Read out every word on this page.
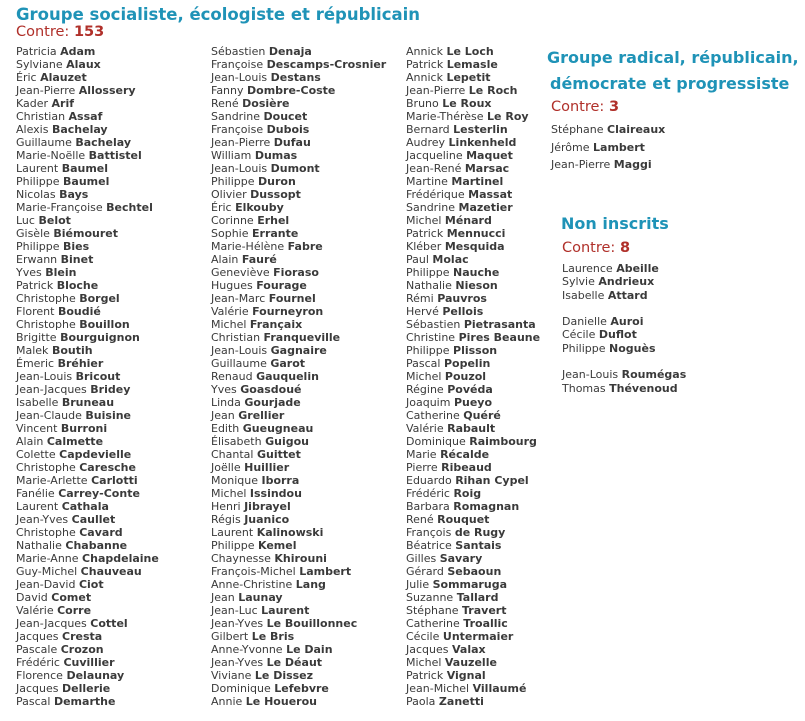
Groupe socialiste, écologiste et républicain
Contre: 153
Patricia Adam
Sylviane Alaux
Éric Alauzet
Jean-Pierre Allossery
Kader Arif
Christian Assaf
Alexis Bachelay
Guillaume Bachelay
Marie-Noëlle Battistel
Laurent Baumel
Philippe Baumel
Nicolas Bays
Marie-Françoise Bechtel
Luc Belot
Gisèle Biémouret
Philippe Bies
Erwann Binet
Yves Blein
Patrick Bloche
Christophe Borgel
Florent Boudié
Christophe Bouillon
Brigitte Bourguignon
Malek Boutih
Émeric Bréhier
Jean-Louis Bricout
Jean-Jacques Bridey
Isabelle Bruneau
Jean-Claude Buisine
Vincent Burroni
Alain Calmette
Colette Capdevielle
Christophe Caresche
Marie-Arlette Carlotti
Fanélie Carrey-Conte
Laurent Cathala
Jean-Yves Caullet
Christophe Cavard
Nathalie Chabanne
Marie-Anne Chapdelaine
Guy-Michel Chauveau
Jean-David Ciot
David Comet
Valérie Corre
Jean-Jacques Cottel
Jacques Cresta
Pascale Crozon
Frédéric Cuvillier
Florence Delaunay
Jacques Dellerie
Pascal Demarthe
Sébastien Denaja
Françoise Descamps-Crosnier
Jean-Louis Destans
Fanny Dombre-Coste
René Dosière
Sandrine Doucet
Françoise Dubois
Jean-Pierre Dufau
William Dumas
Jean-Louis Dumont
Philippe Duron
Olivier Dussopt
Éric Elkouby
Corinne Erhel
Sophie Errante
Marie-Hélène Fabre
Alain Fauré
Geneviève Fioraso
Hugues Fourage
Jean-Marc Fournel
Valérie Fourneyron
Michel Françaix
Christian Franqueville
Jean-Louis Gagnaire
Guillaume Garot
Renaud Gauquelin
Yves Goasdoué
Linda Gourjade
Jean Grellier
Edith Gueugneau
Élisabeth Guigou
Chantal Guittet
Joëlle Huillier
Monique Iborra
Michel Issindou
Henri Jibrayel
Régis Juanico
Laurent Kalinowski
Philippe Kemel
Chaynesse Khirouni
François-Michel Lambert
Anne-Christine Lang
Jean Launay
Jean-Luc Laurent
Jean-Yves Le Bouillonnec
Gilbert Le Bris
Anne-Yvonne Le Dain
Jean-Yves Le Déaut
Viviane Le Dissez
Dominique Lefebvre
Annie Le Houerou
Annick Le Loch
Patrick Lemasle
Annick Lepetit
Jean-Pierre Le Roch
Bruno Le Roux
Marie-Thérèse Le Roy
Bernard Lesterlin
Audrey Linkenheld
Jacqueline Maquet
Jean-René Marsac
Martine Martinel
Frédérique Massat
Sandrine Mazetier
Michel Ménard
Patrick Mennucci
Kléber Mesquida
Paul Molac
Philippe Nauche
Nathalie Nieson
Rémi Pauvros
Hervé Pellois
Sébastien Pietrasanta
Christine Pires Beaune
Philippe Plisson
Pascal Popelin
Michel Pouzol
Régine Povéda
Joaquim Pueyo
Catherine Quéré
Valérie Rabault
Dominique Raimbourg
Marie Récalde
Pierre Ribeaud
Eduardo Rihan Cypel
Frédéric Roig
Barbara Romagnan
René Rouquet
François de Rugy
Béatrice Santais
Gilles Savary
Gérard Sebaoun
Julie Sommaruga
Suzanne Tallard
Stéphane Travert
Catherine Troallic
Cécile Untermaier
Jacques Valax
Michel Vauzelle
Patrick Vignal
Jean-Michel Villaumé
Paola Zanetti
Groupe radical, républicain,
démocrate et progressiste
Contre: 3
Stéphane Claireaux
Jérôme Lambert
Jean-Pierre Maggi
Non inscrits
Contre: 8
Laurence Abeille
Sylvie Andrieux
Isabelle Attard
Danielle Auroi
Cécile Duflot
Philippe Noguès
Jean-Louis Roumégas
Thomas Thévenoud
